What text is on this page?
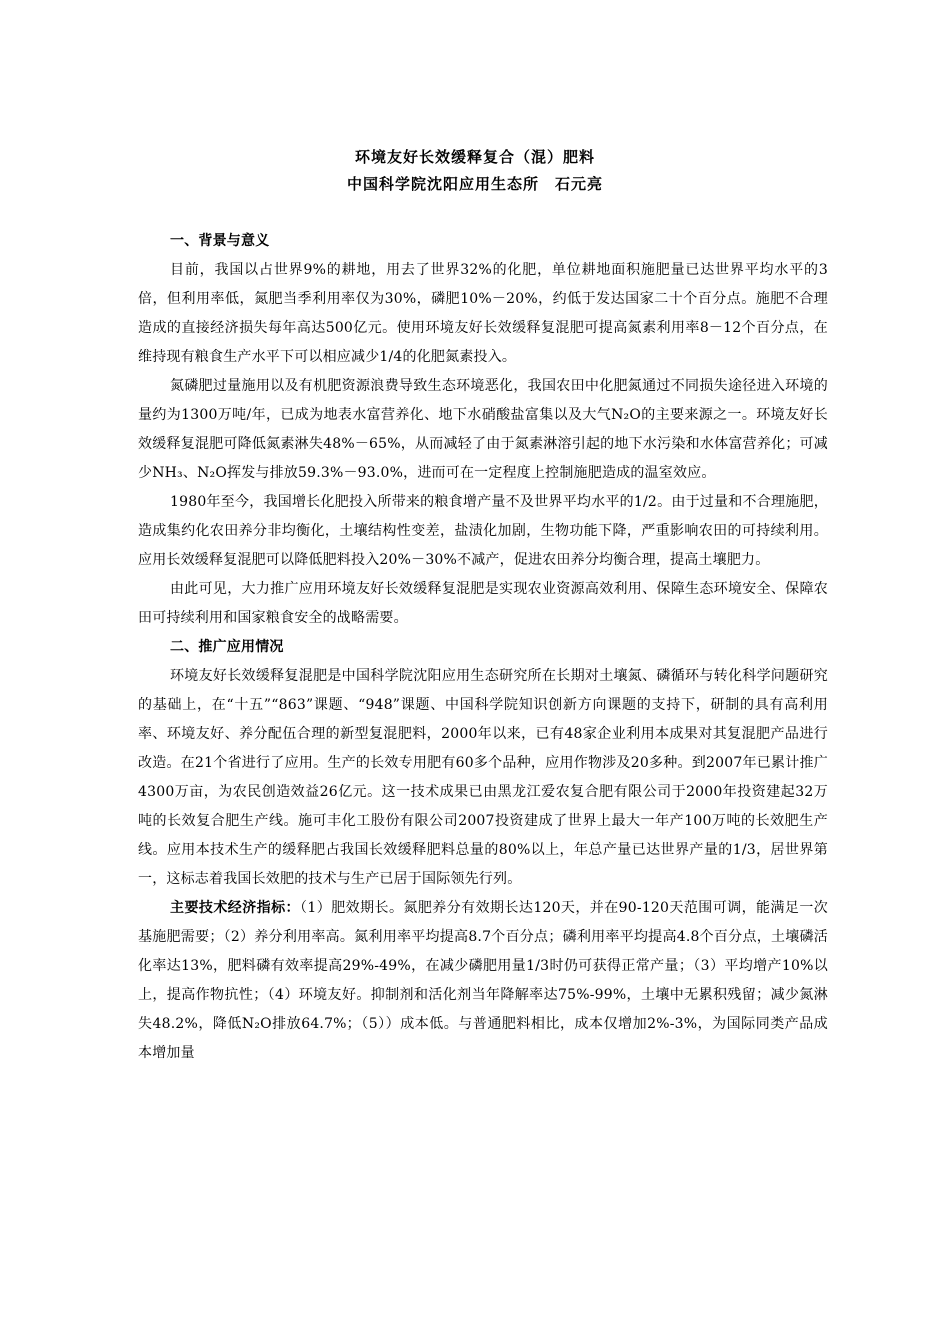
环境友好长效缓释复合（混）肥料
中国科学院沈阳应用生态所　石元亮
一、背景与意义

目前，我国以占世界9%的耕地，用去了世界32%的化肥，单位耕地面积施肥量已达世界平均水平的3倍，但利用率低，氮肥当季利用率仅为30%，磷肥10%－20%，约低于发达国家二十个百分点。施肥不合理造成的直接经济损失每年高达500亿元。使用环境友好长效缓释复混肥可提高氮素利用率8－12个百分点，在维持现有粮食生产水平下可以相应减少1/4的化肥氮素投入。

氮磷肥过量施用以及有机肥资源浪费导致生态环境恶化，我国农田中化肥氮通过不同损失途径进入环境的量约为1300万吨/年，已成为地表水富营养化、地下水硝酸盐富集以及大气N₂O的主要来源之一。环境友好长效缓释复混肥可降低氮素淋失48%－65%，从而减轻了由于氮素淋溶引起的地下水污染和水体富营养化；可减少NH₃、N₂O挥发与排放59.3%－93.0%，进而可在一定程度上控制施肥造成的温室效应。

1980年至今，我国增长化肥投入所带来的粮食增产量不及世界平均水平的1/2。由于过量和不合理施肥，造成集约化农田养分非均衡化，土壤结构性变差，盐渍化加剧，生物功能下降，严重影响农田的可持续利用。应用长效缓释复混肥可以降低肥料投入20%－30%不减产，促进农田养分均衡合理，提高土壤肥力。

由此可见，大力推广应用环境友好长效缓释复混肥是实现农业资源高效利用、保障生态环境安全、保障农田可持续利用和国家粮食安全的战略需要。

二、推广应用情况

环境友好长效缓释复混肥是中国科学院沈阳应用生态研究所在长期对土壤氮、磷循环与转化科学问题研究的基础上，在“十五”“863”课题、“948”课题、中国科学院知识创新方向课题的支持下，研制的具有高利用率、环境友好、养分配伍合理的新型复混肥料，2000年以来，已有48家企业利用本成果对其复混肥产品进行改造。在21个省进行了应用。生产的长效专用肥有60多个品种，应用作物涉及20多种。到2007年已累计推广4300万亩，为农民创造效益26亿元。这一技术成果已由黑龙江爱农复合肥有限公司于2000年投资建起32万吨的长效复合肥生产线。施可丰化工股份有限公司2007投资建成了世界上最大一年产100万吨的长效肥生产线。应用本技术生产的缓释肥占我国长效缓释肥料总量的80%以上，年总产量已达世界产量的1/3，居世界第一，这标志着我国长效肥的技术与生产已居于国际领先行列。

主要技术经济指标：（1）肥效期长。氮肥养分有效期长达120天，并在90-120天范围可调，能满足一次基施肥需要；（2）养分利用率高。氮利用率平均提高8.7个百分点；磷利用率平均提高4.8个百分点，土壤磷活化率达13%，肥料磷有效率提高29%-49%，在减少磷肥用量1/3时仍可获得正常产量；（3）平均增产10%以上，提高作物抗性；（4）环境友好。抑制剂和活化剂当年降解率达75%-99%，土壤中无累积残留；减少氮淋失48.2%，降低N₂O排放64.7%；（5））成本低。与普通肥料相比，成本仅增加2%-3%，为国际同类产品成本增加量
